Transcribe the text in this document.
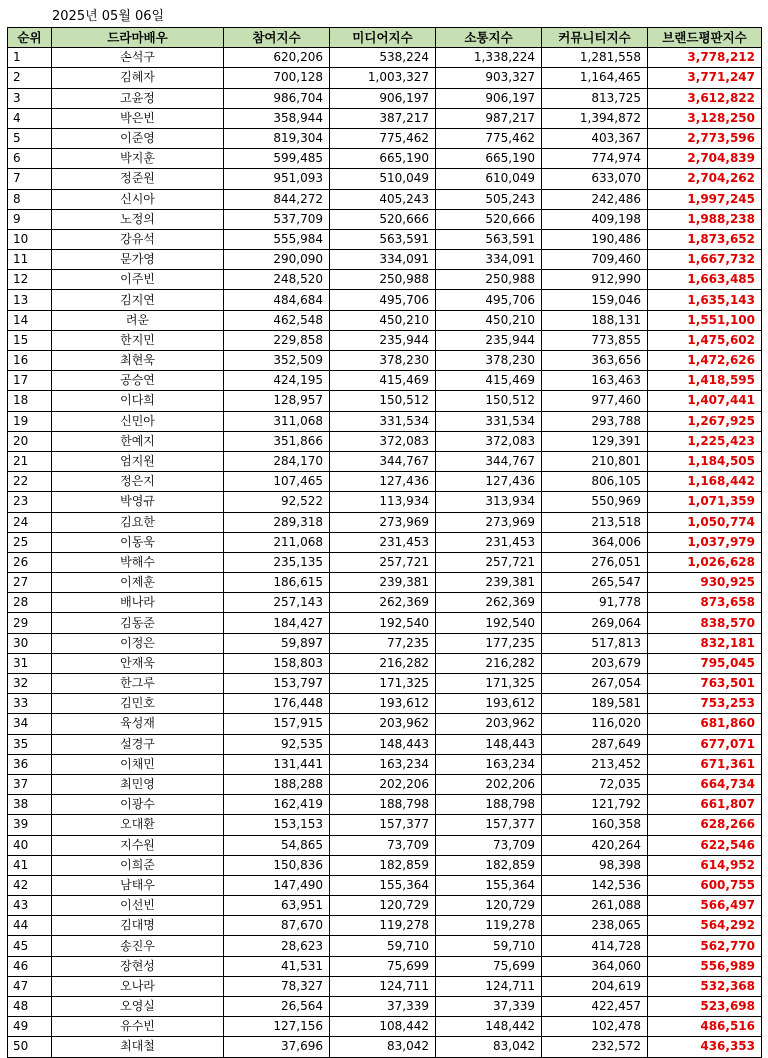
2025년 05월 06일
순위	드라마배우	참여지수	미디어지수	소통지수	커뮤니티지수	브랜드평판지수
1	손석구	620,206	538,224	1,338,224	1,281,558	3,778,212
2	김혜자	700,128	1,003,327	903,327	1,164,465	3,771,247
3	고윤정	986,704	906,197	906,197	813,725	3,612,822
4	박은빈	358,944	387,217	987,217	1,394,872	3,128,250
5	이준영	819,304	775,462	775,462	403,367	2,773,596
6	박지훈	599,485	665,190	665,190	774,974	2,704,839
7	정준원	951,093	510,049	610,049	633,070	2,704,262
8	신시아	844,272	405,243	505,243	242,486	1,997,245
9	노정의	537,709	520,666	520,666	409,198	1,988,238
10	강유석	555,984	563,591	563,591	190,486	1,873,652
11	문가영	290,090	334,091	334,091	709,460	1,667,732
12	이주빈	248,520	250,988	250,988	912,990	1,663,485
13	김지연	484,684	495,706	495,706	159,046	1,635,143
14	려운	462,548	450,210	450,210	188,131	1,551,100
15	한지민	229,858	235,944	235,944	773,855	1,475,602
16	최현욱	352,509	378,230	378,230	363,656	1,472,626
17	공승연	424,195	415,469	415,469	163,463	1,418,595
18	이다희	128,957	150,512	150,512	977,460	1,407,441
19	신민아	311,068	331,534	331,534	293,788	1,267,925
20	한예지	351,866	372,083	372,083	129,391	1,225,423
21	엄지원	284,170	344,767	344,767	210,801	1,184,505
22	정은지	107,465	127,436	127,436	806,105	1,168,442
23	박영규	92,522	113,934	313,934	550,969	1,071,359
24	김요한	289,318	273,969	273,969	213,518	1,050,774
25	이동욱	211,068	231,453	231,453	364,006	1,037,979
26	박해수	235,135	257,721	257,721	276,051	1,026,628
27	이제훈	186,615	239,381	239,381	265,547	930,925
28	배나라	257,143	262,369	262,369	91,778	873,658
29	김동준	184,427	192,540	192,540	269,064	838,570
30	이정은	59,897	77,235	177,235	517,813	832,181
31	안재욱	158,803	216,282	216,282	203,679	795,045
32	한그루	153,797	171,325	171,325	267,054	763,501
33	김민호	176,448	193,612	193,612	189,581	753,253
34	육성재	157,915	203,962	203,962	116,020	681,860
35	설경구	92,535	148,443	148,443	287,649	677,071
36	이채민	131,441	163,234	163,234	213,452	671,361
37	최민영	188,288	202,206	202,206	72,035	664,734
38	이광수	162,419	188,798	188,798	121,792	661,807
39	오대환	153,153	157,377	157,377	160,358	628,266
40	지수원	54,865	73,709	73,709	420,264	622,546
41	이희준	150,836	182,859	182,859	98,398	614,952
42	남태우	147,490	155,364	155,364	142,536	600,755
43	이선빈	63,951	120,729	120,729	261,088	566,497
44	김대명	87,670	119,278	119,278	238,065	564,292
45	송진우	28,623	59,710	59,710	414,728	562,770
46	장현성	41,531	75,699	75,699	364,060	556,989
47	오나라	78,327	124,711	124,711	204,619	532,368
48	오영실	26,564	37,339	37,339	422,457	523,698
49	유수빈	127,156	108,442	148,442	102,478	486,516
50	최대철	37,696	83,042	83,042	232,572	436,353
